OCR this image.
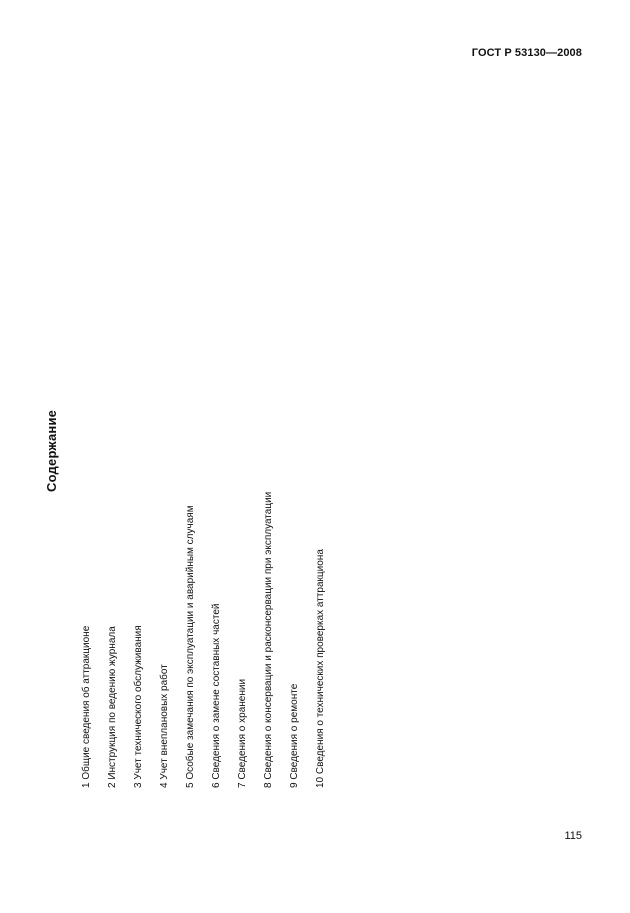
ГОСТ Р 53130—2008
Содержание
1 Общие сведения об аттракционе 2 Инструкция по ведению журнала 3 Учет технического обслуживания 4 Учет внеплановых работ 5 Особые замечания по эксплуатации и аварийным случаям 6 Сведения о замене составных частей 7 Сведения о хранении 8 Сведения о консервации и расконсервации при эксплуатации 9 Сведения о ремонте 10 Сведения о технических проверках аттракциона
115
